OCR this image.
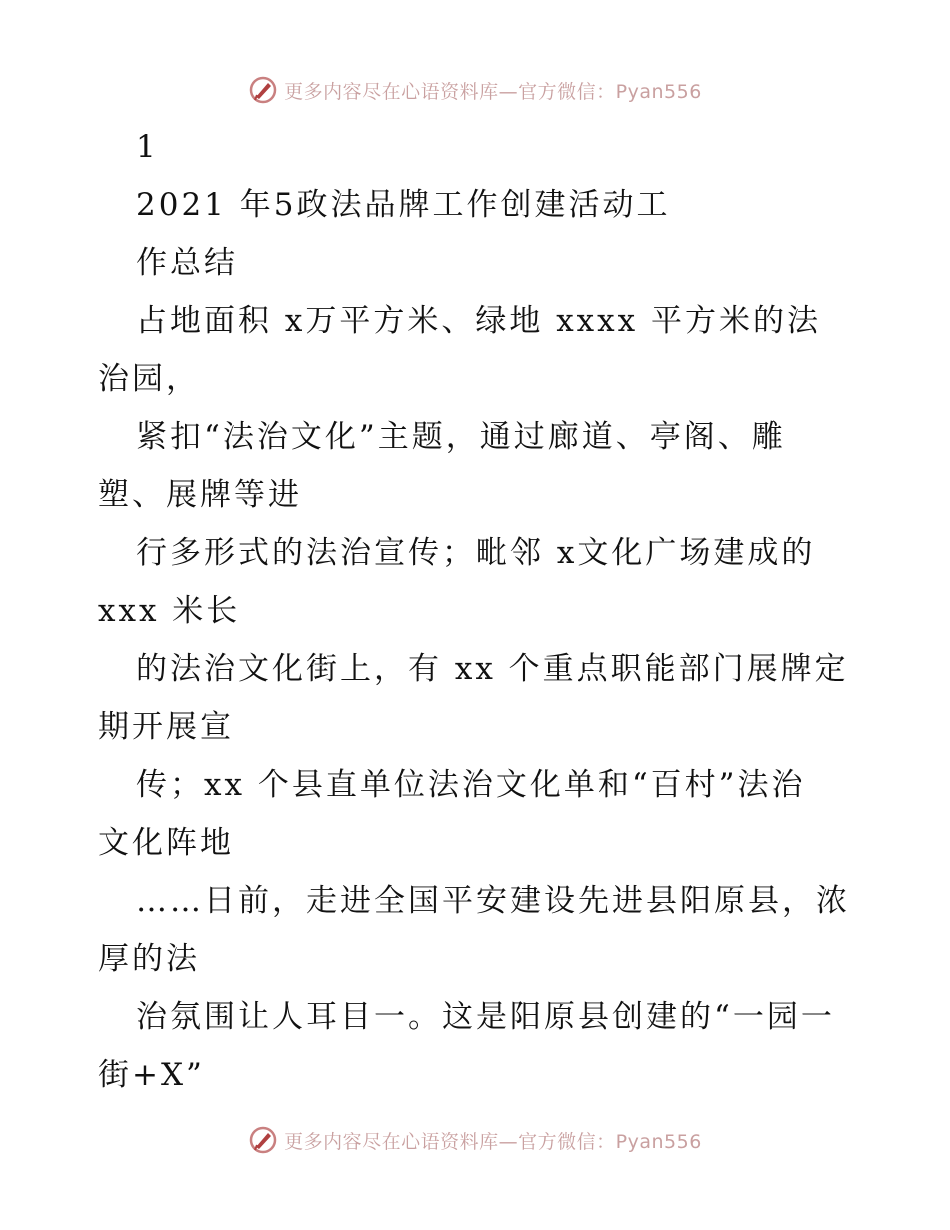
更多内容尽在心语资料库—官方微信：Pyan556
1
2021 年5政法品牌工作创建活动工
作总结
占地面积 x万平方米、绿地 xxxx 平方米的法
治园，
紧扣“法治文化”主题，通过廊道、亭阁、雕
塑、展牌等进
行多形式的法治宣传；毗邻 x文化广场建成的
xxx 米长
的法治文化街上，有 xx 个重点职能部门展牌定
期开展宣
传；xx 个县直单位法治文化单和“百村”法治
文化阵地
……日前，走进全国平安建设先进县阳原县，浓
厚的法
治氛围让人耳目一。这是阳原县创建的“一园一
街+X”
更多内容尽在心语资料库—官方微信：Pyan556
